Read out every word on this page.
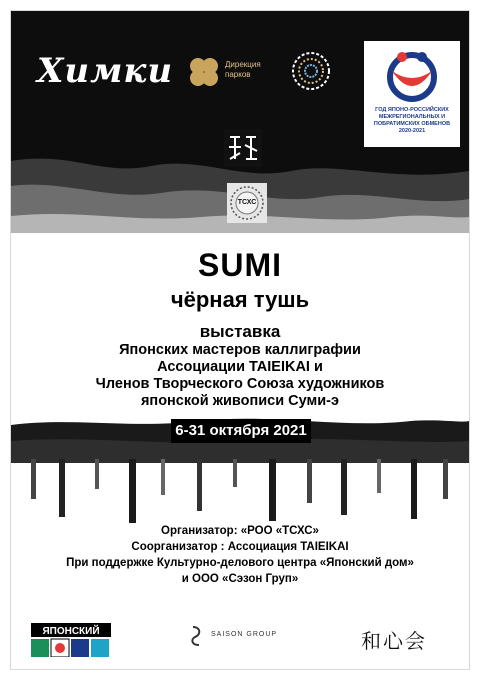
Химки	Дирекция парков
ГОД ЯПОНО-РОССИЙСКИХ МЕЖРЕГИОНАЛЬНЫХ И ПОБРАТИМСКИХ ОБМЕНОВ 2020-2021
ТСХС
SUMI
чёрная тушь
выставка
Японских мастеров каллиграфии
Ассоциации TAIEIKAI и
Членов Творческого Союза художников
японской живописи Суми-э
6-31 октября 2021
Организатор: «РОО «ТСХС»
Соорганизатор : Ассоциация TAIEIKAI
При поддержке Культурно-делового центра «Японский дом»
и ООО «Сэзон Груп»
ЯПОНСКИЙ	SAISON GROUP	和心会
